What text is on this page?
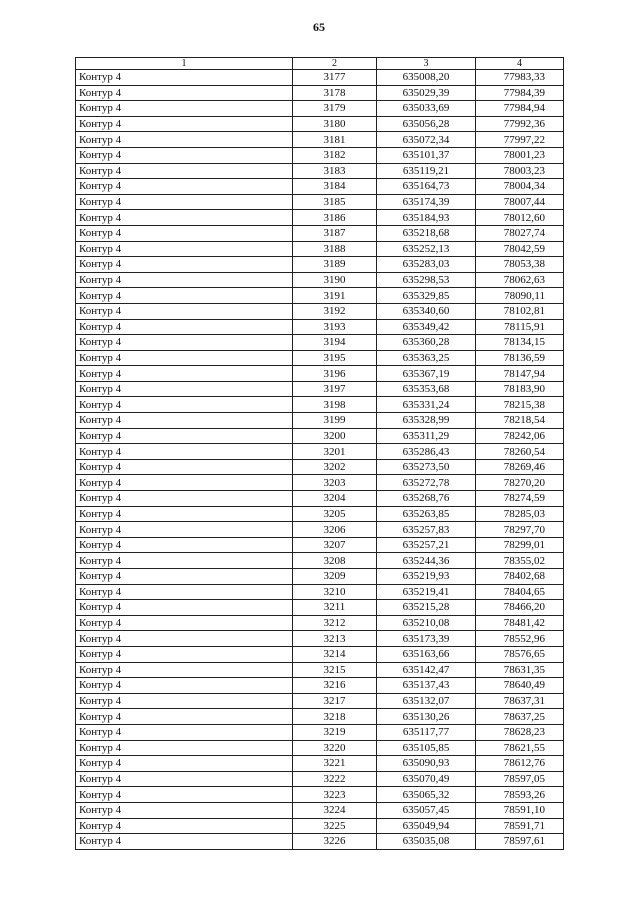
65
1	2	3	4
Контур 4	3177	635008,20	77983,33
Контур 4	3178	635029,39	77984,39
Контур 4	3179	635033,69	77984,94
Контур 4	3180	635056,28	77992,36
Контур 4	3181	635072,34	77997,22
Контур 4	3182	635101,37	78001,23
Контур 4	3183	635119,21	78003,23
Контур 4	3184	635164,73	78004,34
Контур 4	3185	635174,39	78007,44
Контур 4	3186	635184,93	78012,60
Контур 4	3187	635218,68	78027,74
Контур 4	3188	635252,13	78042,59
Контур 4	3189	635283,03	78053,38
Контур 4	3190	635298,53	78062,63
Контур 4	3191	635329,85	78090,11
Контур 4	3192	635340,60	78102,81
Контур 4	3193	635349,42	78115,91
Контур 4	3194	635360,28	78134,15
Контур 4	3195	635363,25	78136,59
Контур 4	3196	635367,19	78147,94
Контур 4	3197	635353,68	78183,90
Контур 4	3198	635331,24	78215,38
Контур 4	3199	635328,99	78218,54
Контур 4	3200	635311,29	78242,06
Контур 4	3201	635286,43	78260,54
Контур 4	3202	635273,50	78269,46
Контур 4	3203	635272,78	78270,20
Контур 4	3204	635268,76	78274,59
Контур 4	3205	635263,85	78285,03
Контур 4	3206	635257,83	78297,70
Контур 4	3207	635257,21	78299,01
Контур 4	3208	635244,36	78355,02
Контур 4	3209	635219,93	78402,68
Контур 4	3210	635219,41	78404,65
Контур 4	3211	635215,28	78466,20
Контур 4	3212	635210,08	78481,42
Контур 4	3213	635173,39	78552,96
Контур 4	3214	635163,66	78576,65
Контур 4	3215	635142,47	78631,35
Контур 4	3216	635137,43	78640,49
Контур 4	3217	635132,07	78637,31
Контур 4	3218	635130,26	78637,25
Контур 4	3219	635117,77	78628,23
Контур 4	3220	635105,85	78621,55
Контур 4	3221	635090,93	78612,76
Контур 4	3222	635070,49	78597,05
Контур 4	3223	635065,32	78593,26
Контур 4	3224	635057,45	78591,10
Контур 4	3225	635049,94	78591,71
Контур 4	3226	635035,08	78597,61
